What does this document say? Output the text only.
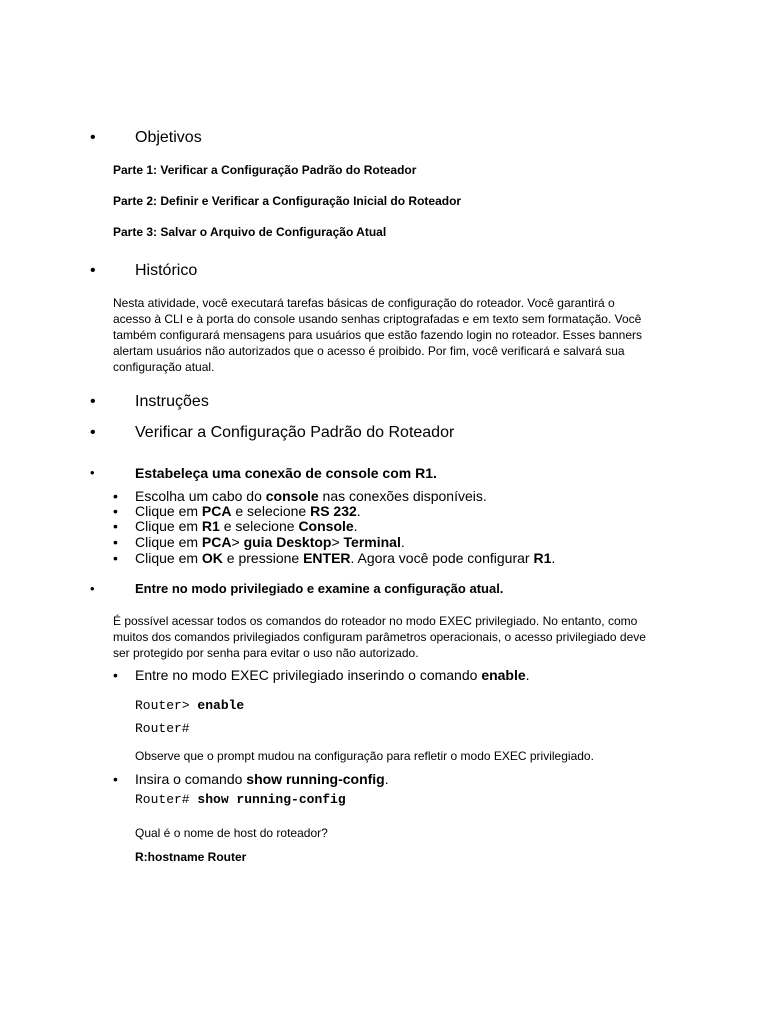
• Objetivos
Parte 1: Verificar a Configuração Padrão do Roteador
Parte 2: Definir e Verificar a Configuração Inicial do Roteador
Parte 3: Salvar o Arquivo de Configuração Atual
• Histórico
Nesta atividade, você executará tarefas básicas de configuração do roteador. Você garantirá o
acesso à CLI e à porta do console usando senhas criptografadas e em texto sem formatação. Você
também configurará mensagens para usuários que estão fazendo login no roteador. Esses banners
alertam usuários não autorizados que o acesso é proibido. Por fim, você verificará e salvará sua
configuração atual.
• Instruções
• Verificar a Configuração Padrão do Roteador
•	Estabeleça uma conexão de console com R1.
• Escolha um cabo do console nas conexões disponíveis.
• Clique em PCA e selecione RS 232.
• Clique em R1 e selecione Console.
• Clique em PCA> guia Desktop> Terminal.
• Clique em OK e pressione ENTER. Agora você pode configurar R1.
•	Entre no modo privilegiado e examine a configuração atual.
É possível acessar todos os comandos do roteador no modo EXEC privilegiado. No entanto, como
muitos dos comandos privilegiados configuram parâmetros operacionais, o acesso privilegiado deve
ser protegido por senha para evitar o uso não autorizado.
• Entre no modo EXEC privilegiado inserindo o comando enable.
Router> enable
Router#
Observe que o prompt mudou na configuração para refletir o modo EXEC privilegiado.
• Insira o comando show running-config.
Router# show running-config
Qual é o nome de host do roteador?
R:hostname Router
